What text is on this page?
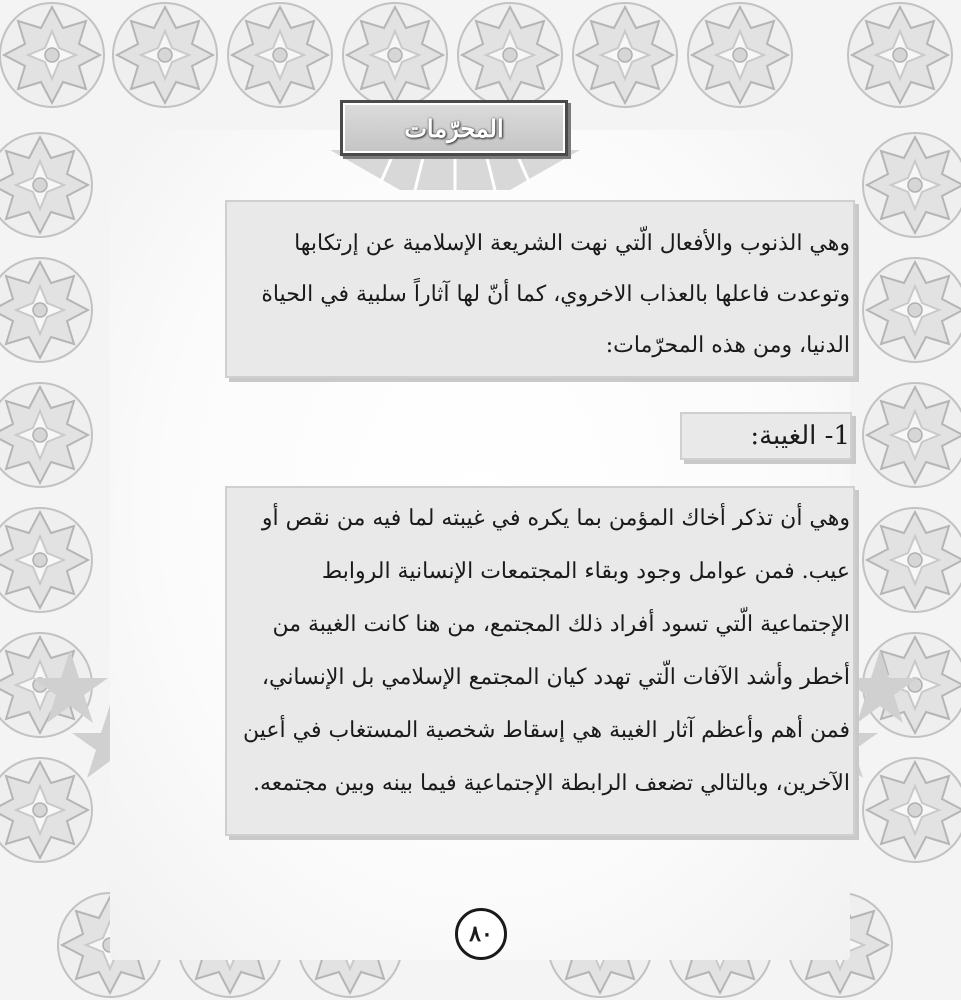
المحرّمات

وهي الذنوب والأفعال الّتي نهت الشريعة الإسلامية عن إرتكابها وتوعدت فاعلها بالعذاب الاخروي، كما أنّ لها آثاراً سلبية في الحياة الدنيا، ومن هذه المحرّمات:

1- الغيبة:

وهي أن تذكر أخاك المؤمن بما يكره في غيبته لما فيه من نقص أو عيب. فمن عوامل وجود وبقاء المجتمعات الإنسانية الروابط الإجتماعية الّتي تسود أفراد ذلك المجتمع، من هنا كانت الغيبة من أخطر وأشد الآفات الّتي تهدد كيان المجتمع الإسلامي بل الإنساني، فمن أهم وأعظم آثار الغيبة هي إسقاط شخصية المستغاب في أعين الآخرين، وبالتالي تضعف الرابطة الإجتماعية فيما بينه وبين مجتمعه.

٨٠
